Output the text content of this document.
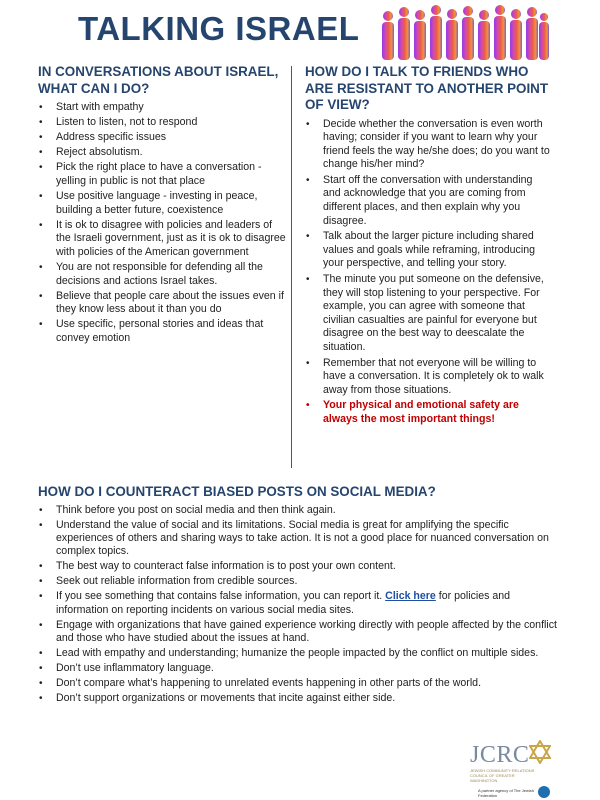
TALKING ISRAEL

IN CONVERSATIONS ABOUT ISRAEL, WHAT CAN I DO?

• Start with empathy
• Listen to listen, not to respond
• Address specific issues
• Reject absolutism.
• Pick the right place to have a conversation - yelling in public is not that place
• Use positive language - investing in peace, building a better future, coexistence
• It is ok to disagree with policies and leaders of the Israeli government, just as it is ok to disagree with policies of the American government
• You are not responsible for defending all the decisions and actions Israel takes.
• Believe that people care about the issues even if they know less about it than you do
• Use specific, personal stories and ideas that convey emotion

HOW DO I TALK TO FRIENDS WHO ARE RESISTANT TO ANOTHER POINT OF VIEW?

• Decide whether the conversation is even worth having; consider if you want to learn why your friend feels the way he/she does; do you want to change his/her mind?
• Start off the conversation with understanding and acknowledge that you are coming from different places, and then explain why you disagree.
• Talk about the larger picture including shared values and goals while reframing, introducing your perspective, and telling your story.
• The minute you put someone on the defensive, they will stop listening to your perspective. For example, you can agree with someone that civilian casualties are painful for everyone but disagree on the best way to deescalate the situation.
• Remember that not everyone will be willing to have a conversation. It is completely ok to walk away from those situations.
• Your physical and emotional safety are always the most important things!

HOW DO I COUNTERACT BIASED POSTS ON SOCIAL MEDIA?

• Think before you post on social media and then think again.
• Understand the value of social and its limitations. Social media is great for amplifying the specific experiences of others and sharing ways to take action. It is not a good place for nuanced conversation on complex topics.
• The best way to counteract false information is to post your own content.
• Seek out reliable information from credible sources.
• If you see something that contains false information, you can report it. Click here for policies and information on reporting incidents on various social media sites.
• Engage with organizations that have gained experience working directly with people affected by the conflict and those who have studied about the issues at hand.
• Lead with empathy and understanding; humanize the people impacted by the conflict on multiple sides.
• Don’t use inflammatory language.
• Don’t compare what’s happening to unrelated events happening in other parts of the world.
• Don’t support organizations or movements that incite against either side.
JCRC
JEWISH COMMUNITY RELATIONS COUNCIL OF GREATER WASHINGTON
A partner agency of The Jewish Federation
